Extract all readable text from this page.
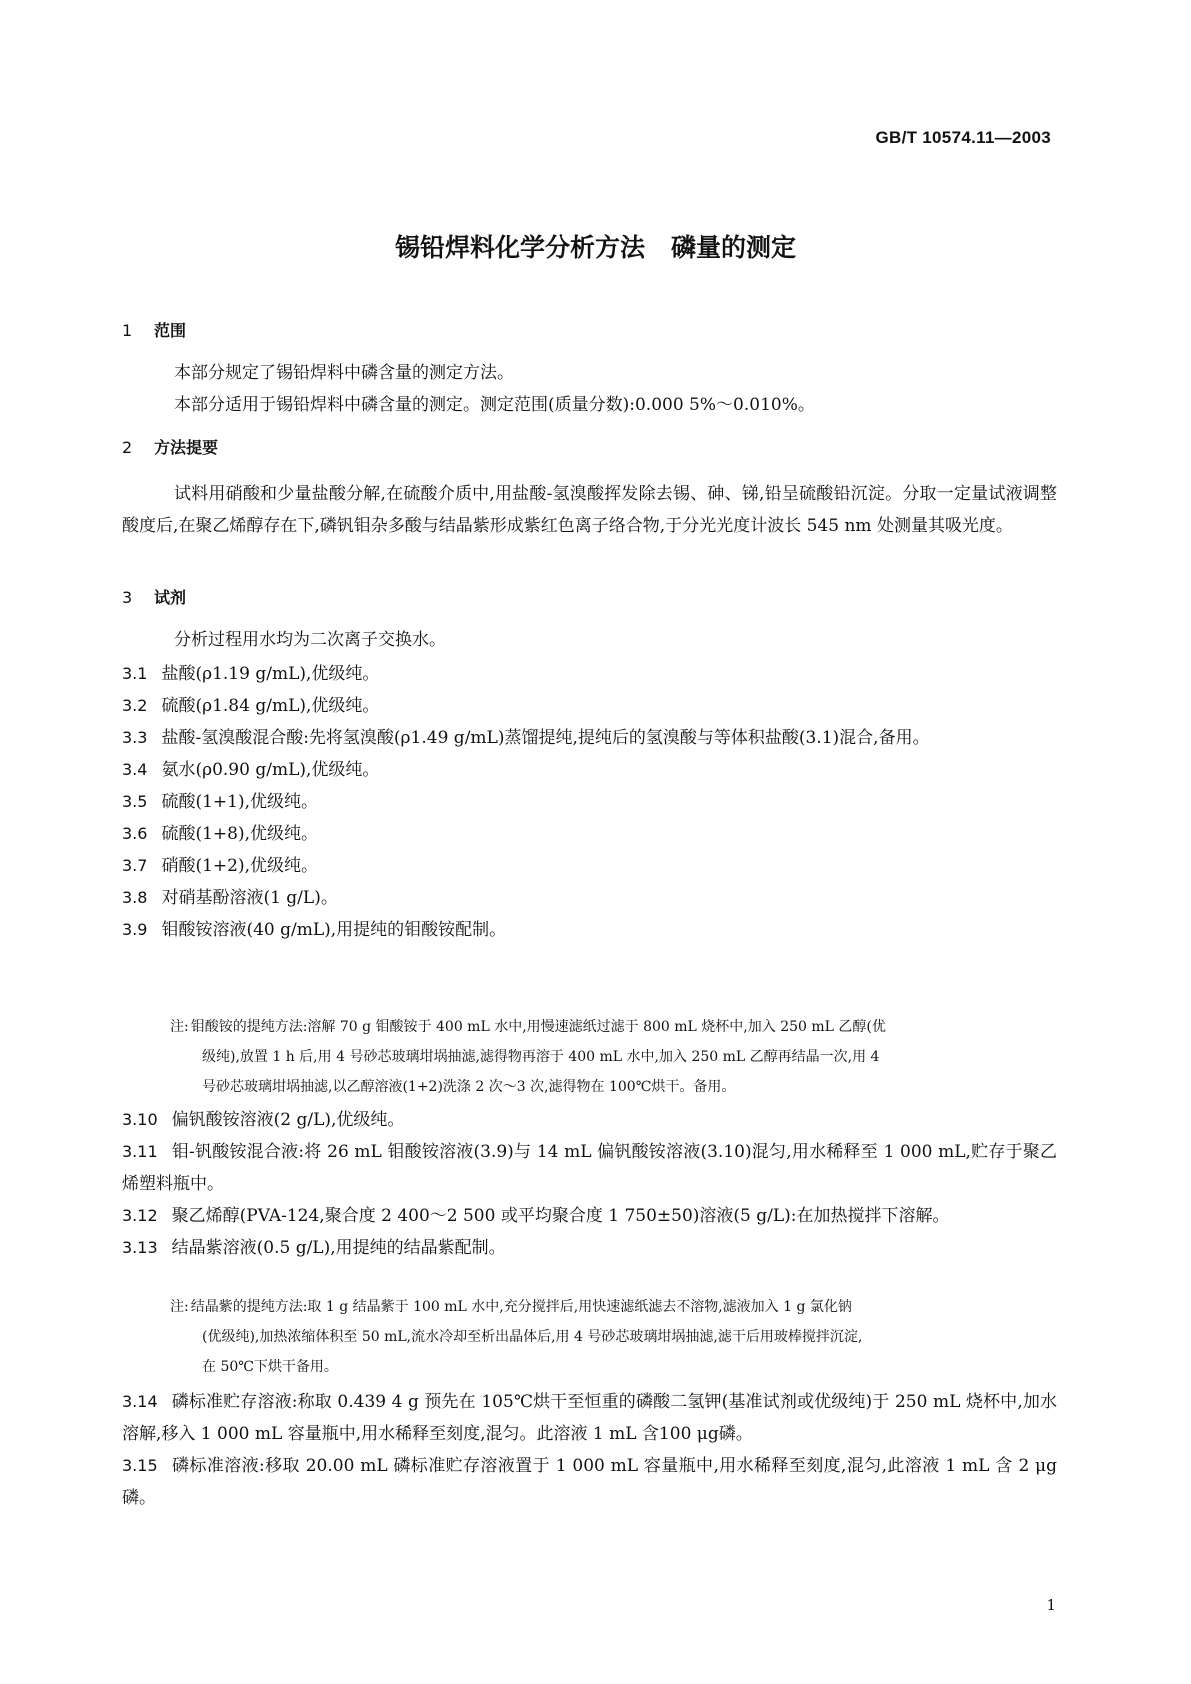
GB/T 10574.11—2003
锡铅焊料化学分析方法 磷量的测定
1 范围
本部分规定了锡铅焊料中磷含量的测定方法。
本部分适用于锡铅焊料中磷含量的测定。测定范围(质量分数):0.000 5%～0.010%。
2 方法提要
试料用硝酸和少量盐酸分解,在硫酸介质中,用盐酸-氢溴酸挥发除去锡、砷、锑,铅呈硫酸铅沉淀。分取一定量试液调整酸度后,在聚乙烯醇存在下,磷钒钼杂多酸与结晶紫形成紫红色离子络合物,于分光光度计波长 545 nm 处测量其吸光度。
3 试剂
分析过程用水均为二次离子交换水。
3.1 盐酸(ρ1.19 g/mL),优级纯。
3.2 硫酸(ρ1.84 g/mL),优级纯。
3.3 盐酸-氢溴酸混合酸:先将氢溴酸(ρ1.49 g/mL)蒸馏提纯,提纯后的氢溴酸与等体积盐酸(3.1)混合,备用。
3.4 氨水(ρ0.90 g/mL),优级纯。
3.5 硫酸(1+1),优级纯。
3.6 硫酸(1+8),优级纯。
3.7 硝酸(1+2),优级纯。
3.8 对硝基酚溶液(1 g/L)。
3.9 钼酸铵溶液(40 g/mL),用提纯的钼酸铵配制。
注: 钼酸铵的提纯方法:溶解 70 g 钼酸铵于 400 mL 水中,用慢速滤纸过滤于 800 mL 烧杯中,加入 250 mL 乙醇(优
级纯),放置 1 h 后,用 4 号砂芯玻璃坩埚抽滤,滤得物再溶于 400 mL 水中,加入 250 mL 乙醇再结晶一次,用 4
号砂芯玻璃坩埚抽滤,以乙醇溶液(1+2)洗涤 2 次～3 次,滤得物在 100℃烘干。备用。
3.10 偏钒酸铵溶液(2 g/L),优级纯。
3.11 钼-钒酸铵混合液:将 26 mL 钼酸铵溶液(3.9)与 14 mL 偏钒酸铵溶液(3.10)混匀,用水稀释至 1 000 mL,贮存于聚乙烯塑料瓶中。
3.12 聚乙烯醇(PVA-124,聚合度 2 400～2 500 或平均聚合度 1 750±50)溶液(5 g/L):在加热搅拌下溶解。
3.13 结晶紫溶液(0.5 g/L),用提纯的结晶紫配制。
注: 结晶紫的提纯方法:取 1 g 结晶紫于 100 mL 水中,充分搅拌后,用快速滤纸滤去不溶物,滤液加入 1 g 氯化钠
(优级纯),加热浓缩体积至 50 mL,流水冷却至析出晶体后,用 4 号砂芯玻璃坩埚抽滤,滤干后用玻棒搅拌沉淀,
在 50℃下烘干备用。
3.14 磷标准贮存溶液:称取 0.439 4 g 预先在 105℃烘干至恒重的磷酸二氢钾(基准试剂或优级纯)于 250 mL 烧杯中,加水溶解,移入 1 000 mL 容量瓶中,用水稀释至刻度,混匀。此溶液 1 mL 含100 μg磷。
3.15 磷标准溶液:移取 20.00 mL 磷标准贮存溶液置于 1 000 mL 容量瓶中,用水稀释至刻度,混匀,此溶液 1 mL 含 2 μg 磷。
1
